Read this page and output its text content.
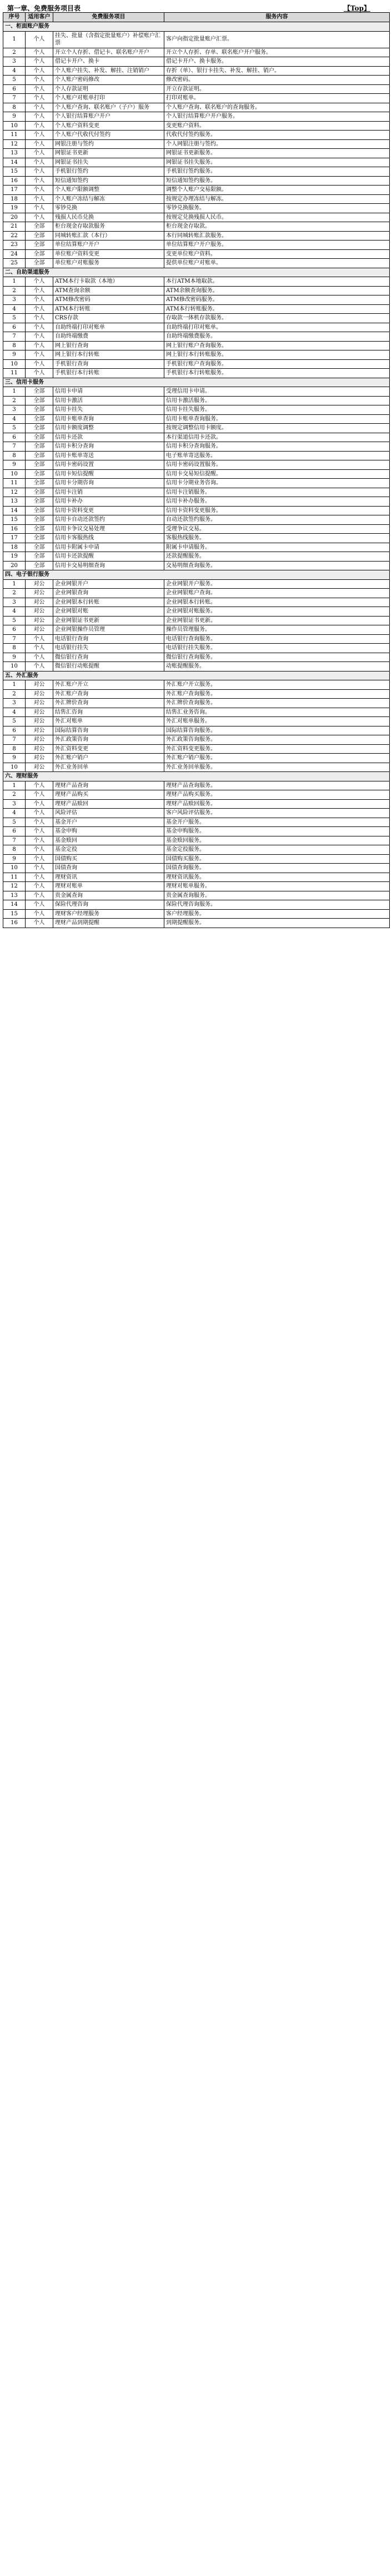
第一章、免费服务项目表	【Top】
序号	适用客户	免费服务项目	服务内容
一、柜面账户服务			
1	个人	挂失、批量（含指定批量账户）补偿账户汇票	客户向指定批量账户汇票。
2	个人	开立个人存折、借记卡、联名账户开户	开立个人存折、存单、联名账户开户服务。
3	个人	借记卡开户、换卡	借记卡开户、换卡服务。
4	个人	个人账户挂失、补发、解挂、注销销户	存折（单）、银行卡挂失、补发、解挂、销户。
5	个人	个人账户密码修改	修改密码。
6	个人	个人存款证明	开立存款证明。
7	个人	个人账户对账单打印	打印对账单。
8	个人	个人账户查询、联名账户（子户）服务	个人账户查询、联名账户的查询服务。
9	个人	个人银行结算账户开户	个人银行结算账户开户服务。
10	个人	个人账户资料变更	变更账户资料。
11	个人	个人账户代收代付签约	代收代付签约服务。
12	个人	网银注册与签约	个人网银注册与签约。
13	个人	网银证书更新	网银证书更新服务。
14	个人	网银证书挂失	网银证书挂失服务。
15	个人	手机银行签约	手机银行签约服务。
16	个人	短信通知签约	短信通知签约服务。
17	个人	个人账户限额调整	调整个人账户交易限额。
18	个人	个人账户冻结与解冻	按规定办理冻结与解冻。
19	个人	零钞兑换	零钞兑换服务。
20	个人	残损人民币兑换	按规定兑换残损人民币。
21	全部	柜台现金存取款服务	柜台现金存取款。
22	全部	同城转账汇款（本行）	本行同城转账汇款服务。
23	全部	单位结算账户开户	单位结算账户开户服务。
24	全部	单位账户资料变更	变更单位账户资料。
25	全部	单位账户对账服务	提供单位账户对账单。
二、自助渠道服务			
1	个人	ATM本行卡取款（本地）	本行ATM本地取款。
2	个人	ATM查询余额	ATM余额查询服务。
3	个人	ATM修改密码	ATM修改密码服务。
4	个人	ATM本行转账	ATM本行转账服务。
5	个人	CRS存款	存取款一体机存款服务。
6	个人	自助终端打印对账单	自助终端打印对账单。
7	个人	自助终端缴费	自助终端缴费服务。
8	个人	网上银行查询	网上银行账户查询服务。
9	个人	网上银行本行转账	网上银行本行转账服务。
10	个人	手机银行查询	手机银行账户查询服务。
11	个人	手机银行本行转账	手机银行本行转账服务。
三、信用卡服务			
1	全部	信用卡申请	受理信用卡申请。
2	全部	信用卡激活	信用卡激活服务。
3	全部	信用卡挂失	信用卡挂失服务。
4	全部	信用卡账单查询	信用卡账单查询服务。
5	全部	信用卡额度调整	按规定调整信用卡额度。
6	全部	信用卡还款	本行渠道信用卡还款。
7	全部	信用卡积分查询	信用卡积分查询服务。
8	全部	信用卡账单寄送	电子账单寄送服务。
9	全部	信用卡密码设置	信用卡密码设置服务。
10	全部	信用卡短信提醒	信用卡交易短信提醒。
11	全部	信用卡分期咨询	信用卡分期业务咨询。
12	全部	信用卡注销	信用卡注销服务。
13	全部	信用卡补办	信用卡补办服务。
14	全部	信用卡资料变更	信用卡资料变更服务。
15	全部	信用卡自动还款签约	自动还款签约服务。
16	全部	信用卡争议交易处理	受理争议交易。
17	全部	信用卡客服热线	客服热线服务。
18	全部	信用卡附属卡申请	附属卡申请服务。
19	全部	信用卡还款提醒	还款提醒服务。
20	全部	信用卡交易明细查询	交易明细查询服务。
四、电子银行服务			
1	对公	企业网银开户	企业网银开户服务。
2	对公	企业网银查询	企业网银账户查询。
3	对公	企业网银本行转账	企业网银本行转账。
4	对公	企业网银对账	企业网银对账服务。
5	对公	企业网银证书更新	企业网银证书更新。
6	对公	企业网银操作员管理	操作员管理服务。
7	个人	电话银行查询	电话银行查询服务。
8	个人	电话银行挂失	电话银行挂失服务。
9	个人	微信银行查询	微信银行查询服务。
10	个人	微信银行动账提醒	动账提醒服务。
五、外汇服务			
1	对公	外汇账户开立	外汇账户开立服务。
2	对公	外汇账户查询	外汇账户查询服务。
3	对公	外汇牌价查询	外汇牌价查询服务。
4	对公	结售汇咨询	结售汇业务咨询。
5	对公	外汇对账单	外汇对账单服务。
6	对公	国际结算咨询	国际结算咨询服务。
7	对公	外汇政策咨询	外汇政策咨询服务。
8	对公	外汇资料变更	外汇资料变更服务。
9	对公	外汇账户销户	外汇账户销户服务。
10	对公	外汇业务回单	外汇业务回单服务。
六、理财服务			
1	个人	理财产品查询	理财产品查询服务。
2	个人	理财产品购买	理财产品购买服务。
3	个人	理财产品赎回	理财产品赎回服务。
4	个人	风险评估	客户风险评估服务。
5	个人	基金开户	基金开户服务。
6	个人	基金申购	基金申购服务。
7	个人	基金赎回	基金赎回服务。
8	个人	基金定投	基金定投服务。
9	个人	国债购买	国债购买服务。
10	个人	国债查询	国债查询服务。
11	个人	理财资讯	理财资讯服务。
12	个人	理财对账单	理财对账单服务。
13	个人	贵金属查询	贵金属查询服务。
14	个人	保险代理咨询	保险代理咨询服务。
15	个人	理财客户经理服务	客户经理服务。
16	个人	理财产品到期提醒	到期提醒服务。
